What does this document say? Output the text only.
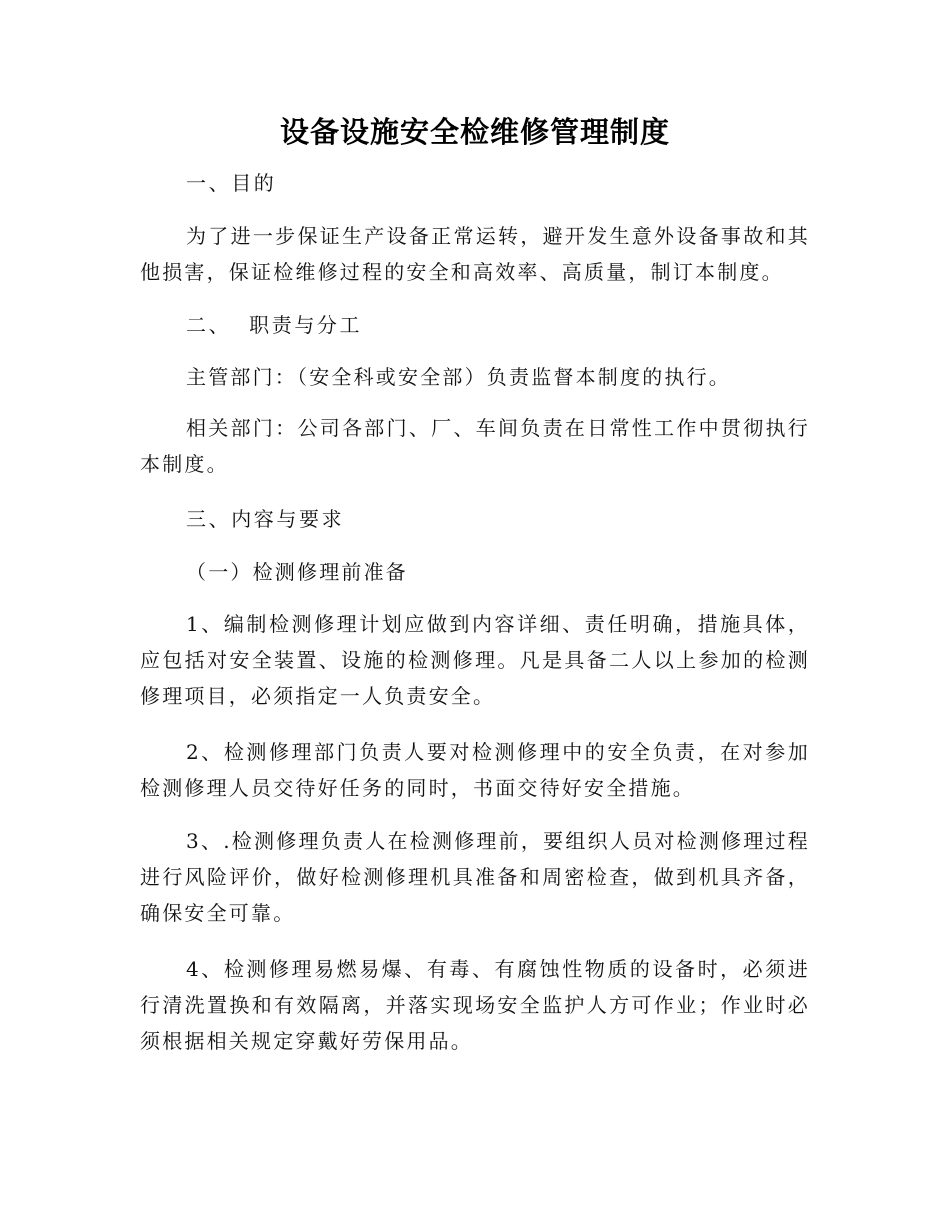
设备设施安全检维修管理制度
一、目的
为了进一步保证生产设备正常运转，避开发生意外设备事故和其他损害，保证检维修过程的安全和高效率、高质量，制订本制度。
二、  职责与分工
主管部门：（安全科或安全部）负责监督本制度的执行。
相关部门：公司各部门、厂、车间负责在日常性工作中贯彻执行本制度。
三、内容与要求
（一）检测修理前准备
1、编制检测修理计划应做到内容详细、责任明确，措施具体，应包括对安全装置、设施的检测修理。凡是具备二人以上参加的检测修理项目，必须指定一人负责安全。
2、检测修理部门负责人要对检测修理中的安全负责，在对参加检测修理人员交待好任务的同时，书面交待好安全措施。
3、.检测修理负责人在检测修理前，要组织人员对检测修理过程进行风险评价，做好检测修理机具准备和周密检查，做到机具齐备，确保安全可靠。
4、检测修理易燃易爆、有毒、有腐蚀性物质的设备时，必须进行清洗置换和有效隔离，并落实现场安全监护人方可作业；作业时必须根据相关规定穿戴好劳保用品。
